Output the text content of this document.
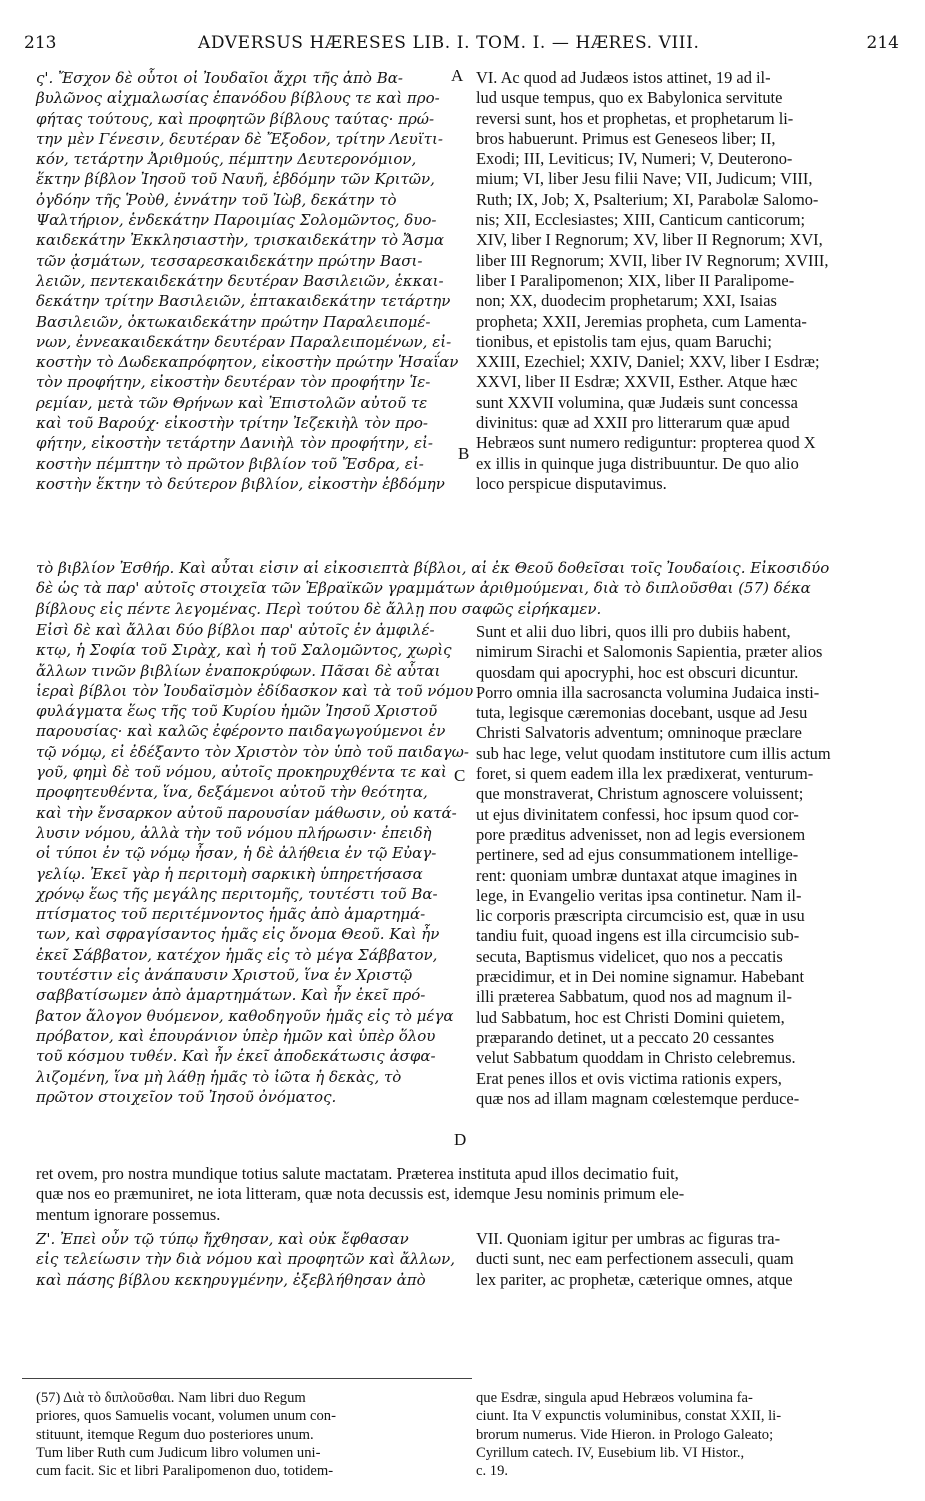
213	ADVERSUS HÆRESES LIB. I. TOM. I. — HÆRES. VIII.	214
A
B
C
D
ς'. Ἔσχον δὲ οὗτοι οἱ Ἰουδαῖοι ἄχρι τῆς ἀπὸ Βα-
βυλῶνος αἰχμαλωσίας ἐπανόδου βίβλους τε καὶ προ-
φήτας τούτους, καὶ προφητῶν βίβλους ταύτας· πρώ-
την μὲν Γένεσιν, δευτέραν δὲ Ἔξοδον, τρίτην Λευϊτι-
κόν, τετάρτην Ἀριθμούς, πέμπτην Δευτερονόμιον,
ἕκτην βίβλον Ἰησοῦ τοῦ Ναυῆ, ἑβδόμην τῶν Κριτῶν,
ὀγδόην τῆς Ῥοὺθ, ἐννάτην τοῦ Ἰὼβ, δεκάτην τὸ
Ψαλτήριον, ἑνδεκάτην Παροιμίας Σολομῶντος, δυο-
καιδεκάτην Ἐκκλησιαστὴν, τρισκαιδεκάτην τὸ Ἄσμα
τῶν ᾀσμάτων, τεσσαρεσκαιδεκάτην πρώτην Βασι-
λειῶν, πεντεκαιδεκάτην δευτέραν Βασιλειῶν, ἑκκαι-
δεκάτην τρίτην Βασιλειῶν, ἑπτακαιδεκάτην τετάρτην
Βασιλειῶν, ὀκτωκαιδεκάτην πρώτην Παραλειπομέ-
νων, ἐννεακαιδεκάτην δευτέραν Παραλειπομένων, εἰ-
κοστὴν τὸ Δωδεκαπρόφητον, εἰκοστὴν πρώτην Ἡσαΐαν
τὸν προφήτην, εἰκοστὴν δευτέραν τὸν προφήτην Ἱε-
ρεμίαν, μετὰ τῶν Θρήνων καὶ Ἐπιστολῶν αὐτοῦ τε
καὶ τοῦ Βαρούχ· εἰκοστὴν τρίτην Ἰεζεκιὴλ τὸν προ-
φήτην, εἰκοστὴν τετάρτην Δανιὴλ τὸν προφήτην, εἰ-
κοστὴν πέμπτην τὸ πρῶτον βιβλίον τοῦ Ἔσδρα, εἰ-
κοστὴν ἕκτην τὸ δεύτερον βιβλίον, εἰκοστὴν ἑβδόμην
VI. Ac quod ad Judæos istos attinet, 19 ad il-
lud usque tempus, quo ex Babylonica servitute
reversi sunt, hos et prophetas, et prophetarum li-
bros habuerunt. Primus est Geneseos liber; II,
Exodi; III, Leviticus; IV, Numeri; V, Deuterono-
mium; VI, liber Jesu filii Nave; VII, Judicum; VIII,
Ruth; IX, Job; X, Psalterium; XI, Parabolæ Salomo-
nis; XII, Ecclesiastes; XIII, Canticum canticorum;
XIV, liber I Regnorum; XV, liber II Regnorum; XVI,
liber III Regnorum; XVII, liber IV Regnorum; XVIII,
liber I Paralipomenon; XIX, liber II Paralipome-
non; XX, duodecim prophetarum; XXI, Isaias
propheta; XXII, Jeremias propheta, cum Lamenta-
tionibus, et epistolis tam ejus, quam Baruchi;
XXIII, Ezechiel; XXIV, Daniel; XXV, liber I Esdræ;
XXVI, liber II Esdræ; XXVII, Esther. Atque hæc
sunt XXVII volumina, quæ Judæis sunt concessa
divinitus: quæ ad XXII pro litterarum quæ apud
Hebræos sunt numero rediguntur: propterea quod X
ex illis in quinque juga distribuuntur. De quo alio
loco perspicue disputavimus.
τὸ βιβλίον Ἐσθήρ. Καὶ αὗται εἰσιν αἱ εἰκοσιεπτὰ βίβλοι, αἱ ἐκ Θεοῦ δοθεῖσαι τοῖς Ἰουδαίοις. Εἰκοσιδύο
δὲ ὡς τὰ παρ' αὐτοῖς στοιχεῖα τῶν Ἑβραϊκῶν γραμμάτων ἀριθμούμεναι, διὰ τὸ διπλοῦσθαι (57) δέκα
βίβλους εἰς πέντε λεγομένας. Περὶ τούτου δὲ ἄλλῃ που σαφῶς εἰρήκαμεν.
Εἰσὶ δὲ καὶ ἄλλαι δύο βίβλοι παρ' αὐτοῖς ἐν ἀμφιλέ-
κτῳ, ἡ Σοφία τοῦ Σιρὰχ, καὶ ἡ τοῦ Σαλομῶντος, χωρὶς
ἄλλων τινῶν βιβλίων ἐναποκρύφων. Πᾶσαι δὲ αὗται
ἱεραὶ βίβλοι τὸν Ἰουδαϊσμὸν ἐδίδασκον καὶ τὰ τοῦ νόμου
φυλάγματα ἕως τῆς τοῦ Κυρίου ἡμῶν Ἰησοῦ Χριστοῦ
παρουσίας· καὶ καλῶς ἐφέροντο παιδαγωγούμενοι ἐν
τῷ νόμῳ, εἰ ἐδέξαντο τὸν Χριστὸν τὸν ὑπὸ τοῦ παιδαγω-
γοῦ, φημὶ δὲ τοῦ νόμου, αὐτοῖς προκηρυχθέντα τε καὶ
προφητευθέντα, ἵνα, δεξάμενοι αὐτοῦ τὴν θεότητα,
καὶ τὴν ἔνσαρκον αὐτοῦ παρουσίαν μάθωσιν, οὐ κατά-
λυσιν νόμου, ἀλλὰ τὴν τοῦ νόμου πλήρωσιν· ἐπειδὴ
οἱ τύποι ἐν τῷ νόμῳ ἦσαν, ἡ δὲ ἀλήθεια ἐν τῷ Εὐαγ-
γελίῳ. Ἐκεῖ γὰρ ἡ περιτομὴ σαρκικὴ ὑπηρετήσασα
χρόνῳ ἕως τῆς μεγάλης περιτομῆς, τουτέστι τοῦ Βα-
πτίσματος τοῦ περιτέμνοντος ἡμᾶς ἀπὸ ἁμαρτημά-
των, καὶ σφραγίσαντος ἡμᾶς εἰς ὄνομα Θεοῦ. Καὶ ἦν
ἐκεῖ Σάββατον, κατέχον ἡμᾶς εἰς τὸ μέγα Σάββατον,
τουτέστιν εἰς ἀνάπαυσιν Χριστοῦ, ἵνα ἐν Χριστῷ
σαββατίσωμεν ἀπὸ ἁμαρτημάτων. Καὶ ἦν ἐκεῖ πρό-
βατον ἄλογον θυόμενον, καθοδηγοῦν ἡμᾶς εἰς τὸ μέγα
πρόβατον, καὶ ἐπουράνιον ὑπὲρ ἡμῶν καὶ ὑπὲρ ὅλου
τοῦ κόσμου τυθέν. Καὶ ἦν ἐκεῖ ἀποδεκάτωσις ἀσφα-
λιζομένη, ἵνα μὴ λάθῃ ἡμᾶς τὸ ἰῶτα ἡ δεκὰς, τὸ
πρῶτον στοιχεῖον τοῦ Ἰησοῦ ὀνόματος.
Sunt et alii duo libri, quos illi pro dubiis habent,
nimirum Sirachi et Salomonis Sapientia, præter alios
quosdam qui apocryphi, hoc est obscuri dicuntur.
Porro omnia illa sacrosancta volumina Judaica insti-
tuta, legisque cæremonias docebant, usque ad Jesu
Christi Salvatoris adventum; omninoque præclare
sub hac lege, velut quodam institutore cum illis actum
foret, si quem eadem illa lex prædixerat, venturum-
que monstraverat, Christum agnoscere voluissent;
ut ejus divinitatem confessi, hoc ipsum quod cor-
pore præditus advenisset, non ad legis eversionem
pertinere, sed ad ejus consummationem intellige-
rent: quoniam umbræ duntaxat atque imagines in
lege, in Evangelio veritas ipsa continetur. Nam il-
lic corporis præscripta circumcisio est, quæ in usu
tandiu fuit, quoad ingens est illa circumcisio sub-
secuta, Baptismus videlicet, quo nos a peccatis
præcidimur, et in Dei nomine signamur. Habebant
illi præterea Sabbatum, quod nos ad magnum il-
lud Sabbatum, hoc est Christi Domini quietem,
præparando detinet, ut a peccato 20 cessantes
velut Sabbatum quoddam in Christo celebremus.
Erat penes illos et ovis victima rationis expers,
quæ nos ad illam magnam cœlestemque perduce-
ret ovem, pro nostra mundique totius salute mactatam. Præterea instituta apud illos decimatio fuit,
quæ nos eo præmuniret, ne iota litteram, quæ nota decussis est, idemque Jesu nominis primum ele-
mentum ignorare possemus.
Ζ'. Ἐπεὶ οὖν τῷ τύπῳ ἤχθησαν, καὶ οὐκ ἔφθασαν
εἰς τελείωσιν τὴν διὰ νόμου καὶ προφητῶν καὶ ἄλλων,
καὶ πάσης βίβλου κεκηρυγμένην, ἐξεβλήθησαν ἀπὸ
VII. Quoniam igitur per umbras ac figuras tra-
ducti sunt, nec eam perfectionem asseculi, quam
lex pariter, ac prophetæ, cæterique omnes, atque
(57) Διὰ τὸ διπλοῦσθαι. Nam libri duo Regum
priores, quos Samuelis vocant, volumen unum con-
stituunt, itemque Regum duo posteriores unum.
Tum liber Ruth cum Judicum libro volumen uni-
cum facit. Sic et libri Paralipomenon duo, totidem-
que Esdræ, singula apud Hebræos volumina fa-
ciunt. Ita V expunctis voluminibus, constat XXII, li-
brorum numerus. Vide Hieron. in Prologo Galeato;
Cyrillum catech. IV, Eusebium lib. VI Histor.,
c. 19.
